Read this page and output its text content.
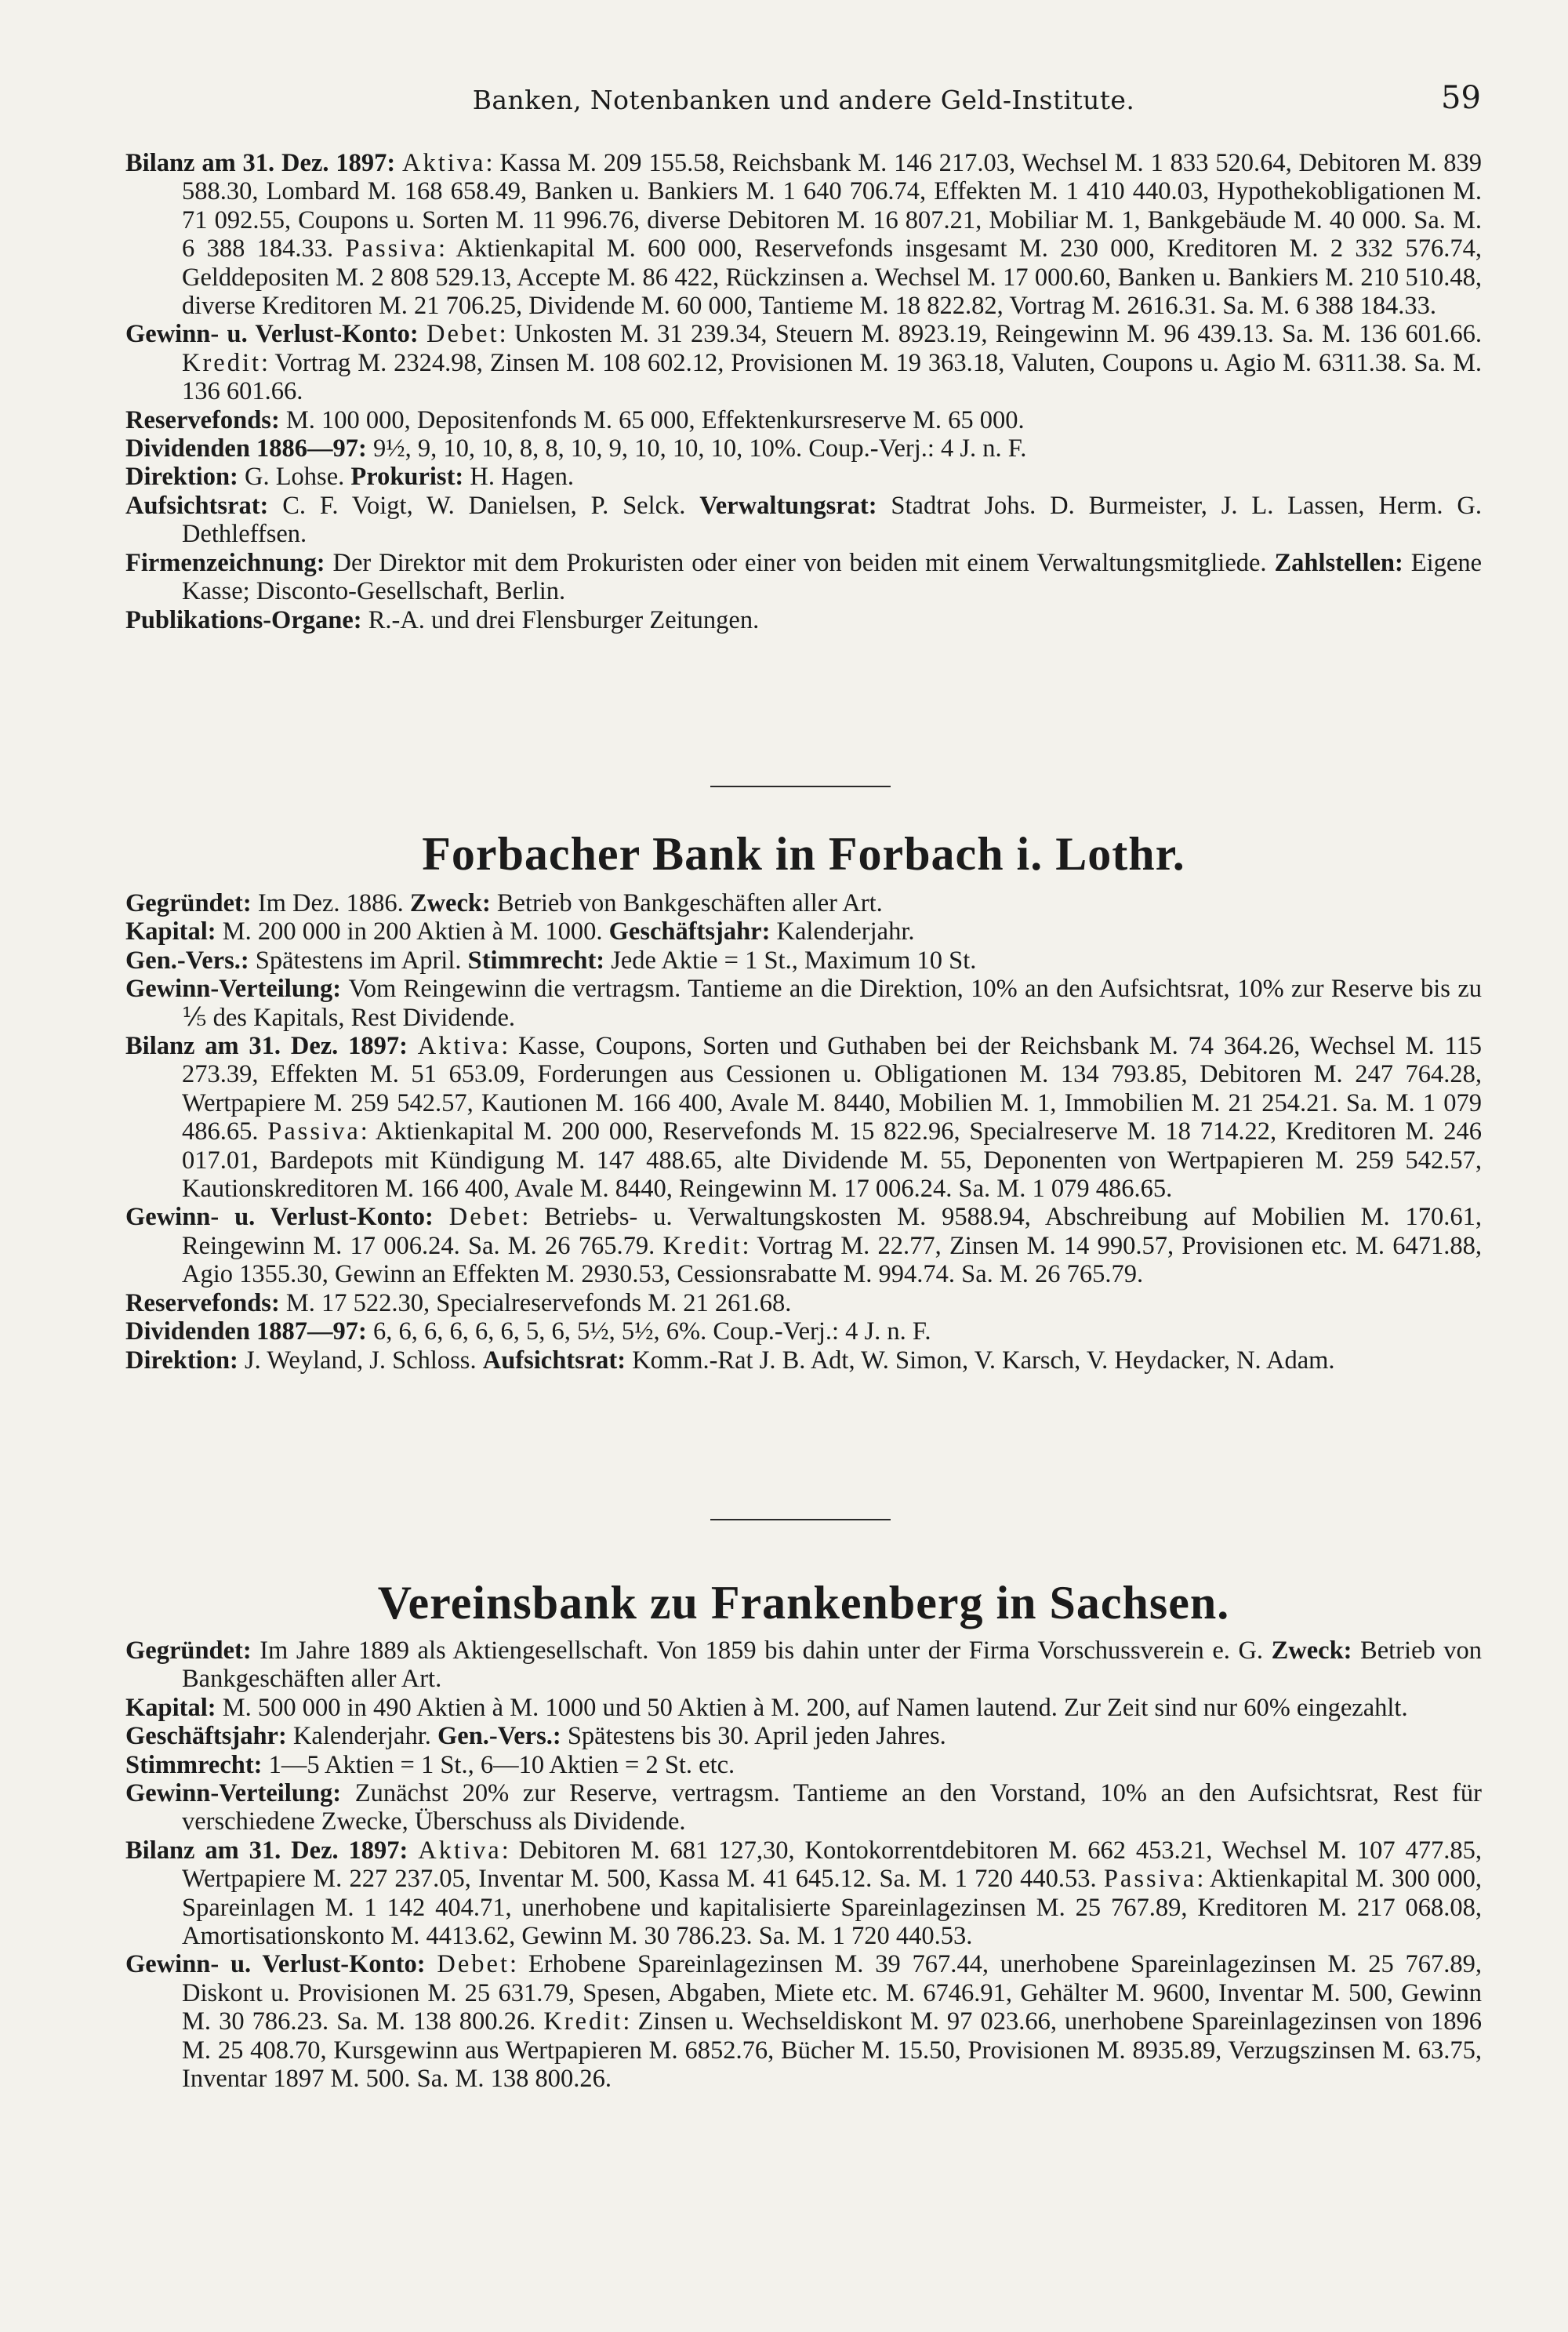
Banken, Notenbanken und andere Geld-Institute.	59
Bilanz am 31. Dez. 1897: Aktiva: Kassa M. 209 155.58, Reichsbank M. 146 217.03, Wechsel M. 1 833 520.64, Debitoren M. 839 588.30, Lombard M. 168 658.49, Banken u. Bankiers M. 1 640 706.74, Effekten M. 1 410 440.03, Hypothekobligationen M. 71 092.55, Coupons u. Sorten M. 11 996.76, diverse Debitoren M. 16 807.21, Mobiliar M. 1, Bankgebäude M. 40 000. Sa. M. 6 388 184.33. Passiva: Aktienkapital M. 600 000, Reservefonds insgesamt M. 230 000, Kreditoren M. 2 332 576.74, Gelddepositen M. 2 808 529.13, Accepte M. 86 422, Rückzinsen a. Wechsel M. 17 000.60, Banken u. Bankiers M. 210 510.48, diverse Kreditoren M. 21 706.25, Dividende M. 60 000, Tantieme M. 18 822.82, Vortrag M. 2616.31. Sa. M. 6 388 184.33.
Gewinn- u. Verlust-Konto: Debet: Unkosten M. 31 239.34, Steuern M. 8923.19, Reingewinn M. 96 439.13. Sa. M. 136 601.66. Kredit: Vortrag M. 2324.98, Zinsen M. 108 602.12, Provisionen M. 19 363.18, Valuten, Coupons u. Agio M. 6311.38. Sa. M. 136 601.66.
Reservefonds: M. 100 000, Depositenfonds M. 65 000, Effektenkursreserve M. 65 000.
Dividenden 1886—97: 9½, 9, 10, 10, 8, 8, 10, 9, 10, 10, 10, 10%. Coup.-Verj.: 4 J. n. F.
Direktion: G. Lohse. Prokurist: H. Hagen.
Aufsichtsrat: C. F. Voigt, W. Danielsen, P. Selck. Verwaltungsrat: Stadtrat Johs. D. Burmeister, J. L. Lassen, Herm. G. Dethleffsen.
Firmenzeichnung: Der Direktor mit dem Prokuristen oder einer von beiden mit einem Verwaltungsmitgliede. Zahlstellen: Eigene Kasse; Disconto-Gesellschaft, Berlin.
Publikations-Organe: R.-A. und drei Flensburger Zeitungen.
Forbacher Bank in Forbach i. Lothr.
Gegründet: Im Dez. 1886. Zweck: Betrieb von Bankgeschäften aller Art.
Kapital: M. 200 000 in 200 Aktien à M. 1000. Geschäftsjahr: Kalenderjahr.
Gen.-Vers.: Spätestens im April. Stimmrecht: Jede Aktie = 1 St., Maximum 10 St.
Gewinn-Verteilung: Vom Reingewinn die vertragsm. Tantieme an die Direktion, 10% an den Aufsichtsrat, 10% zur Reserve bis zu ⅕ des Kapitals, Rest Dividende.
Bilanz am 31. Dez. 1897: Aktiva: Kasse, Coupons, Sorten und Guthaben bei der Reichsbank M. 74 364.26, Wechsel M. 115 273.39, Effekten M. 51 653.09, Forderungen aus Cessionen u. Obligationen M. 134 793.85, Debitoren M. 247 764.28, Wertpapiere M. 259 542.57, Kautionen M. 166 400, Avale M. 8440, Mobilien M. 1, Immobilien M. 21 254.21. Sa. M. 1 079 486.65. Passiva: Aktienkapital M. 200 000, Reservefonds M. 15 822.96, Specialreserve M. 18 714.22, Kreditoren M. 246 017.01, Bardepots mit Kündigung M. 147 488.65, alte Dividende M. 55, Deponenten von Wertpapieren M. 259 542.57, Kautionskreditoren M. 166 400, Avale M. 8440, Reingewinn M. 17 006.24. Sa. M. 1 079 486.65.
Gewinn- u. Verlust-Konto: Debet: Betriebs- u. Verwaltungskosten M. 9588.94, Abschreibung auf Mobilien M. 170.61, Reingewinn M. 17 006.24. Sa. M. 26 765.79. Kredit: Vortrag M. 22.77, Zinsen M. 14 990.57, Provisionen etc. M. 6471.88, Agio 1355.30, Gewinn an Effekten M. 2930.53, Cessionsrabatte M. 994.74. Sa. M. 26 765.79.
Reservefonds: M. 17 522.30, Specialreservefonds M. 21 261.68.
Dividenden 1887—97: 6, 6, 6, 6, 6, 6, 5, 6, 5½, 5½, 6%. Coup.-Verj.: 4 J. n. F.
Direktion: J. Weyland, J. Schloss. Aufsichtsrat: Komm.-Rat J. B. Adt, W. Simon, V. Karsch, V. Heydacker, N. Adam.
Vereinsbank zu Frankenberg in Sachsen.
Gegründet: Im Jahre 1889 als Aktiengesellschaft. Von 1859 bis dahin unter der Firma Vorschussverein e. G. Zweck: Betrieb von Bankgeschäften aller Art.
Kapital: M. 500 000 in 490 Aktien à M. 1000 und 50 Aktien à M. 200, auf Namen lautend. Zur Zeit sind nur 60% eingezahlt.
Geschäftsjahr: Kalenderjahr. Gen.-Vers.: Spätestens bis 30. April jeden Jahres.
Stimmrecht: 1—5 Aktien = 1 St., 6—10 Aktien = 2 St. etc.
Gewinn-Verteilung: Zunächst 20% zur Reserve, vertragsm. Tantieme an den Vorstand, 10% an den Aufsichtsrat, Rest für verschiedene Zwecke, Überschuss als Dividende.
Bilanz am 31. Dez. 1897: Aktiva: Debitoren M. 681 127,30, Kontokorrentdebitoren M. 662 453.21, Wechsel M. 107 477.85, Wertpapiere M. 227 237.05, Inventar M. 500, Kassa M. 41 645.12. Sa. M. 1 720 440.53. Passiva: Aktienkapital M. 300 000, Spareinlagen M. 1 142 404.71, unerhobene und kapitalisierte Spareinlagezinsen M. 25 767.89, Kreditoren M. 217 068.08, Amortisationskonto M. 4413.62, Gewinn M. 30 786.23. Sa. M. 1 720 440.53.
Gewinn- u. Verlust-Konto: Debet: Erhobene Spareinlagezinsen M. 39 767.44, unerhobene Spareinlagezinsen M. 25 767.89, Diskont u. Provisionen M. 25 631.79, Spesen, Abgaben, Miete etc. M. 6746.91, Gehälter M. 9600, Inventar M. 500, Gewinn M. 30 786.23. Sa. M. 138 800.26. Kredit: Zinsen u. Wechseldiskont M. 97 023.66, unerhobene Spareinlagezinsen von 1896 M. 25 408.70, Kursgewinn aus Wertpapieren M. 6852.76, Bücher M. 15.50, Provisionen M. 8935.89, Verzugszinsen M. 63.75, Inventar 1897 M. 500. Sa. M. 138 800.26.
